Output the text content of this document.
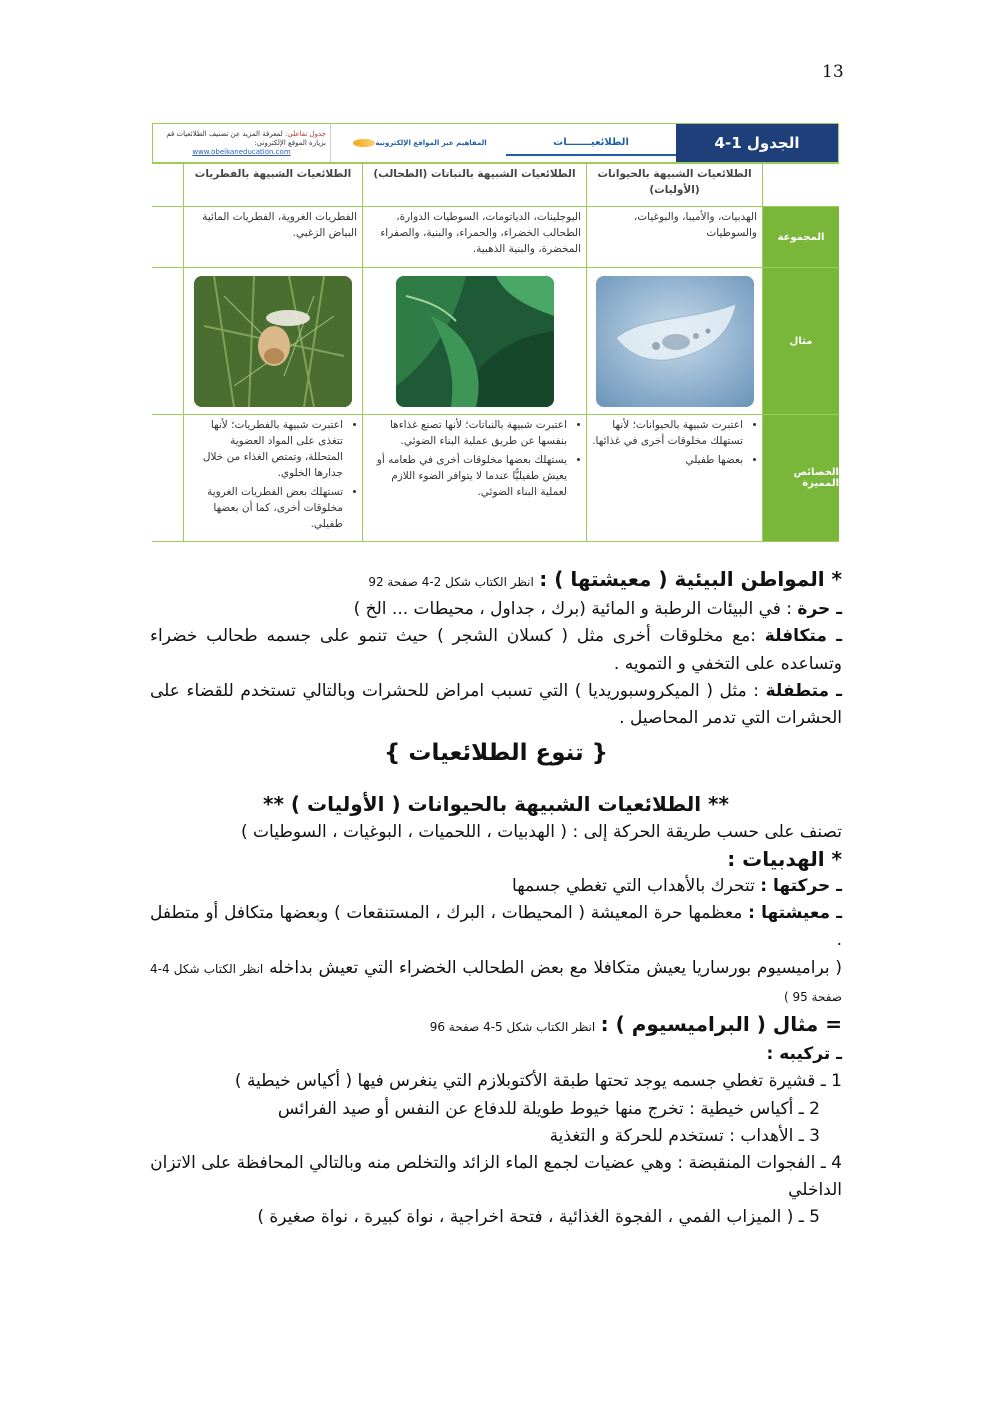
13
الجدول 1-4
الطلائعيـــــــات
المفاهيم عبر المواقع الإلكترونية
جدول تفاعلي: لمعرفة المزيد عن تصنيف الطلائعيات قم بزيارة الموقع الإلكتروني:
www.obeikaneducation.com
الطلائعيات الشبيهة بالحيوانات (الأوليات)
الطلائعيات الشبيهة بالنباتات (الطحالب)
الطلائعيات الشبيهة بالفطريات
المجموعة
الهدبيات، والأميبا، والبوغيات، والسوطيات
اليوجلينات، الدياتومات، السوطيات الدوارة، الطحالب الخضراء، والحمراء، والبنية، والصفراء المخضرة، والبنية الذهبية.
الفطريات الغروية، الفطريات المائية البياض الزغبي.
مثال
الخصائص المميزة
• اعتبرت شبيهة بالحيوانات؛ لأنها تستهلك مخلوقات أخرى في غذائها.
• بعضها طفيلي
• اعتبرت شبيهة بالنباتات؛ لأنها تصنع غذاءها بنفسها عن طريق عملية البناء الضوئي.
• يستهلك بعضها مخلوقات أخرى في طعامه أو يعيش طفيليًّا عندما لا يتوافر الضوء اللازم لعملية البناء الضوئي.
• اعتبرت شبيهة بالفطريات؛ لأنها تتغذى على المواد العضوية المتحللة، وتمتص الغذاء من خلال جدارها الخلوي.
• تستهلك بعض الفطريات الغروية مخلوقات أخرى، كما أن بعضها طفيلي.

* المواطن البيئية ( معيشتها ) : انظر الكتاب شكل 2-4 صفحة 92

ـ حرة : في البيئات الرطبة و المائية (برك ، جداول ، محيطات ... الخ )

ـ متكافلة :مع مخلوقات أخرى مثل ( كسلان الشجر ) حيث تنمو على جسمه طحالب خضراء وتساعده على التخفي و التمويه .

ـ متطفلة : مثل ( الميكروسبوريديا ) التي تسبب امراض للحشرات وبالتالي تستخدم للقضاء على الحشرات التي تدمر المحاصيل .

{ تنوع الطلائعيات }

** الطلائعيات الشبيهة بالحيوانات ( الأوليات ) **

تصنف على حسب طريقة الحركة إلى : ( الهدبيات ، اللحميات ، البوغيات ، السوطيات )

* الهدبيات :

ـ حركتها : تتحرك بالأهداب التي تغطي جسمها

ـ معيشتها : معظمها حرة المعيشة ( المحيطات ، البرك ، المستنقعات ) وبعضها متكافل أو متطفل .

( براميسيوم بورساريا يعيش متكافلا مع بعض الطحالب الخضراء التي تعيش بداخله انظر الكتاب شكل 4-4 صفحة 95 )

= مثال ( البراميسيوم ) : انظر الكتاب شكل 5-4 صفحة 96

ـ تركيبه :

1 ـ قشيرة تغطي جسمه يوجد تحتها طبقة الأكتوبلازم التي ينغرس فيها ( أكياس خيطية )

2 ـ أكياس خيطية : تخرج منها خيوط طويلة للدفاع عن النفس أو صيد الفرائس

3 ـ الأهداب : تستخدم للحركة و التغذية

4 ـ الفجوات المنقبضة : وهي عضيات لجمع الماء الزائد والتخلص منه وبالتالي المحافظة على الاتزان الداخلي

5 ـ ( الميزاب الفمي ، الفجوة الغذائية ، فتحة اخراجية ، نواة كبيرة ، نواة صغيرة )
